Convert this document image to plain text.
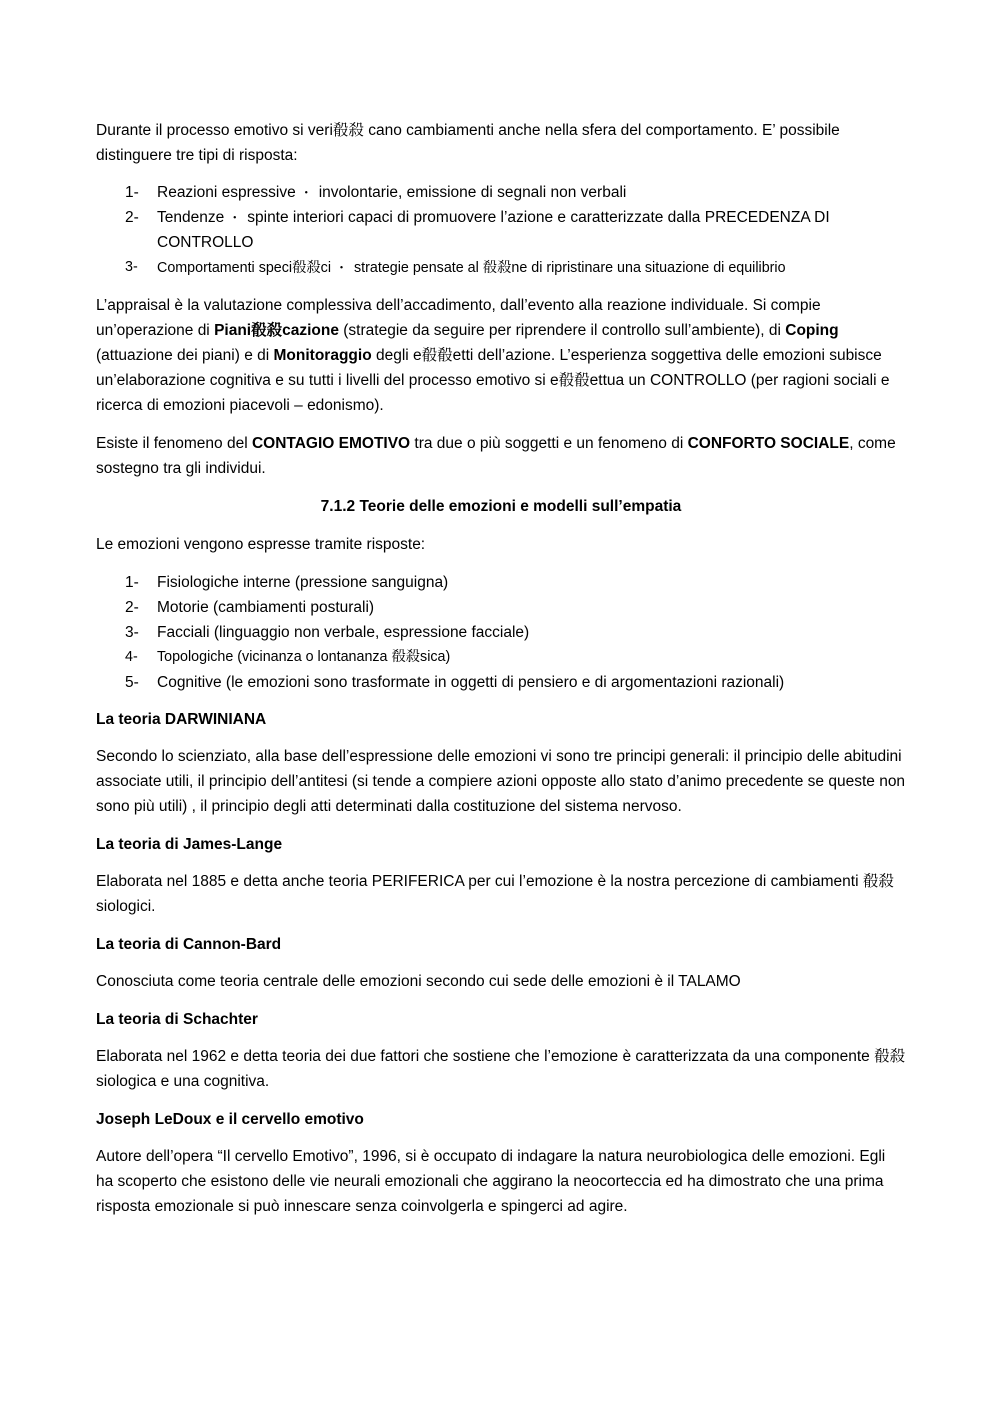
Durante il processo emotivo si veri殽殺 cano cambiamenti anche nella sfera del comportamento. E’ possibile distinguere tre tipi di risposta:

1- Reazioni espressive ・ involontarie, emissione di segnali non verbali
2- Tendenze ・ spinte interiori capaci di promuovere l’azione e caratterizzate dalla PRECEDENZA DI CONTROLLO
3- Comportamenti speci殽殺ci ・ strategie pensate al 殽殺ne di ripristinare una situazione di equilibrio

L’appraisal è la valutazione complessiva dell’accadimento, dall’evento alla reazione individuale. Si compie un’operazione di Piani殽殺cazione (strategie da seguire per riprendere il controllo sull’ambiente), di Coping (attuazione dei piani) e di Monitoraggio degli e殽殽etti dell’azione. L’esperienza soggettiva delle emozioni subisce un’elaborazione cognitiva e su tutti i livelli del processo emotivo si e殽殽ettua un CONTROLLO (per ragioni sociali e ricerca di emozioni piacevoli – edonismo).

Esiste il fenomeno del CONTAGIO EMOTIVO tra due o più soggetti e un fenomeno di CONFORTO SOCIALE, come sostegno tra gli individui.

7.1.2 Teorie delle emozioni e modelli sull’empatia

Le emozioni vengono espresse tramite risposte:

1- Fisiologiche interne (pressione sanguigna)
2- Motorie (cambiamenti posturali)
3- Facciali (linguaggio non verbale, espressione facciale)
4- Topologiche (vicinanza o lontananza 殽殺sica)
5- Cognitive (le emozioni sono trasformate in oggetti di pensiero e di argomentazioni razionali)

La teoria DARWINIANA

Secondo lo scienziato, alla base dell’espressione delle emozioni vi sono tre principi generali: il principio delle abitudini associate utili, il principio dell’antitesi (si tende a compiere azioni opposte allo stato d’animo precedente se queste non sono più utili) , il principio degli atti determinati dalla costituzione del sistema nervoso.

La teoria di James-Lange

Elaborata nel 1885 e detta anche teoria PERIFERICA per cui l’emozione è la nostra percezione di cambiamenti 殽殺siologici.

La teoria di Cannon-Bard

Conosciuta come teoria centrale delle emozioni secondo cui sede delle emozioni è il TALAMO

La teoria di Schachter

Elaborata nel 1962 e detta teoria dei due fattori che sostiene che l’emozione è caratterizzata da una componente 殽殺siologica e una cognitiva.

Joseph LeDoux e il cervello emotivo

Autore dell’opera “Il cervello Emotivo”, 1996, si è occupato di indagare la natura neurobiologica delle emozioni. Egli ha scoperto che esistono delle vie neurali emozionali che aggirano la neocorteccia ed ha dimostrato che una prima risposta emozionale si può innescare senza coinvolgerla e spingerci ad agire.
